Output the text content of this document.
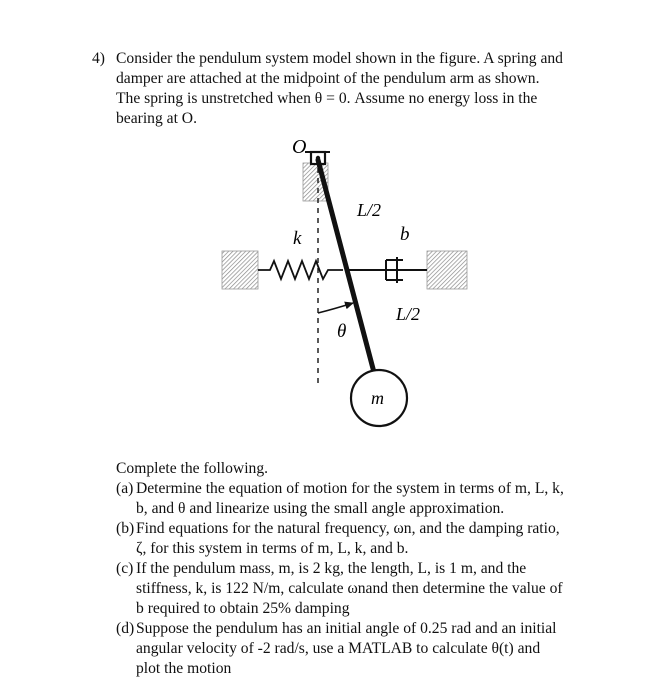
4) Consider the pendulum system model shown in the figure. A spring and
damper are attached at the midpoint of the pendulum arm as shown.
The spring is unstretched when θ = 0. Assume no energy loss in the
bearing at O.
O
k
L/2
b
L/2
θ
m
Complete the following.
(a) Determine the equation of motion for the system in terms of m, L, k,
b, and θ and linearize using the small angle approximation.
(b) Find equations for the natural frequency, ωn, and the damping ratio,
ζ, for this system in terms of m, L, k, and b.
(c) If the pendulum mass, m, is 2 kg, the length, L, is 1 m, and the
stiffness, k, is 122 N/m, calculate ωnand then determine the value of
b required to obtain 25% damping
(d) Suppose the pendulum has an initial angle of 0.25 rad and an initial
angular velocity of -2 rad/s, use a MATLAB to calculate θ(t) and
plot the motion
